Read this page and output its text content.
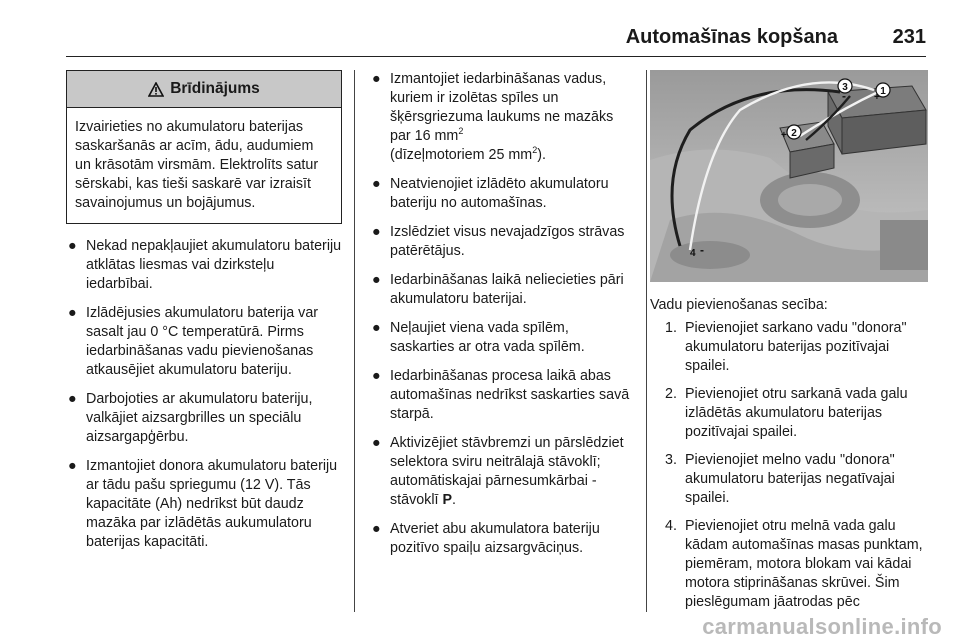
Automašīnas kopšana	231
Brīdinājums
Izvairieties no akumulatoru baterijas saskaršanās ar acīm, ādu, audumiem un krāsotām virsmām. Elektrolīts satur sērskabi, kas tieši saskarē var izraisīt savainojumus un bojājumus.
● Nekad nepakļaujiet akumulatoru bateriju atklātas liesmas vai dzirksteļu iedarbībai.
● Izlādējusies akumulatoru baterija var sasalt jau 0 °C temperatūrā. Pirms iedarbināšanas vadu pievienošanas atkausējiet akumulatoru bateriju.
● Darbojoties ar akumulatoru bateriju, valkājiet aizsargbrilles un speciālu aizsargapģērbu.
● Izmantojiet donora akumulatoru bateriju ar tādu pašu spriegumu (12 V). Tās kapacitāte (Ah) nedrīkst būt daudz mazāka par izlādētās aukumulatoru baterijas kapacitāti.
● Izmantojiet iedarbināšanas vadus, kuriem ir izolētas spīles un šķērsgriezuma laukums ne mazāks par 16 $mm^2$
(dīzeļmotoriem 25 $mm^2$).
● Neatvienojiet izlādēto akumulatoru bateriju no automašīnas.
● Izslēdziet visus nevajadzīgos strāvas patērētājus.
● Iedarbināšanas laikā neliecieties pāri akumulatoru baterijai.
● Neļaujiet viena vada spīlēm, saskarties ar otra vada spīlēm.
● Iedarbināšanas procesa laikā abas automašīnas nedrīkst saskarties savā starpā.
● Aktivizējiet stāvbremzi un pārslēdziet selektora sviru neitrālajā stāvoklī; automātiskajai pārnesumkārbai - stāvoklī P.
● Atveriet abu akumulatora bateriju pozitīvo spaiļu aizsargvāciņus.
1
+
3
-
2
+
4 -
Vadu pievienošanas secība:
1. Pievienojiet sarkano vadu "donora" akumulatoru baterijas pozitīvajai spailei.
2. Pievienojiet otru sarkanā vada galu izlādētās akumulatoru baterijas pozitīvajai spailei.
3. Pievienojiet melno vadu "donora" akumulatoru baterijas negatīvajai spailei.
4. Pievienojiet otru melnā vada galu kādam automašīnas masas punktam, piemēram, motora blokam vai kādai motora stiprināšanas skrūvei. Šim pieslēgumam jāatrodas pēc
carmanualsonline.info
